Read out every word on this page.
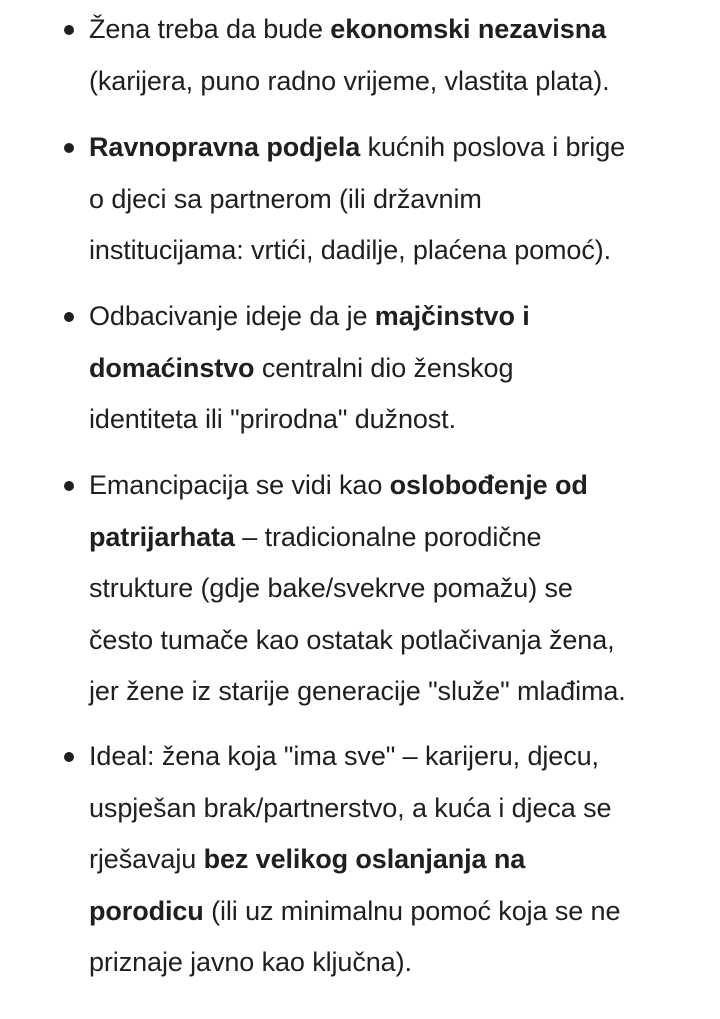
Žena treba da bude ekonomski nezavisna
(karijera, puno radno vrijeme, vlastita plata).
Ravnopravna podjela kućnih poslova i brige
o djeci sa partnerom (ili državnim
institucijama: vrtići, dadilje, plaćena pomoć).
Odbacivanje ideje da je majčinstvo i
domaćinstvo centralni dio ženskog
identiteta ili "prirodna" dužnost.
Emancipacija se vidi kao oslobođenje od
patrijarhata – tradicionalne porodične
strukture (gdje bake/svekrve pomažu) se
često tumače kao ostatak potlačivanja žena,
jer žene iz starije generacije "služe" mlađima.
Ideal: žena koja "ima sve" – karijeru, djecu,
uspješan brak/partnerstvo, a kuća i djeca se
rješavaju bez velikog oslanjanja na
porodicu (ili uz minimalnu pomoć koja se ne
priznaje javno kao ključna).
